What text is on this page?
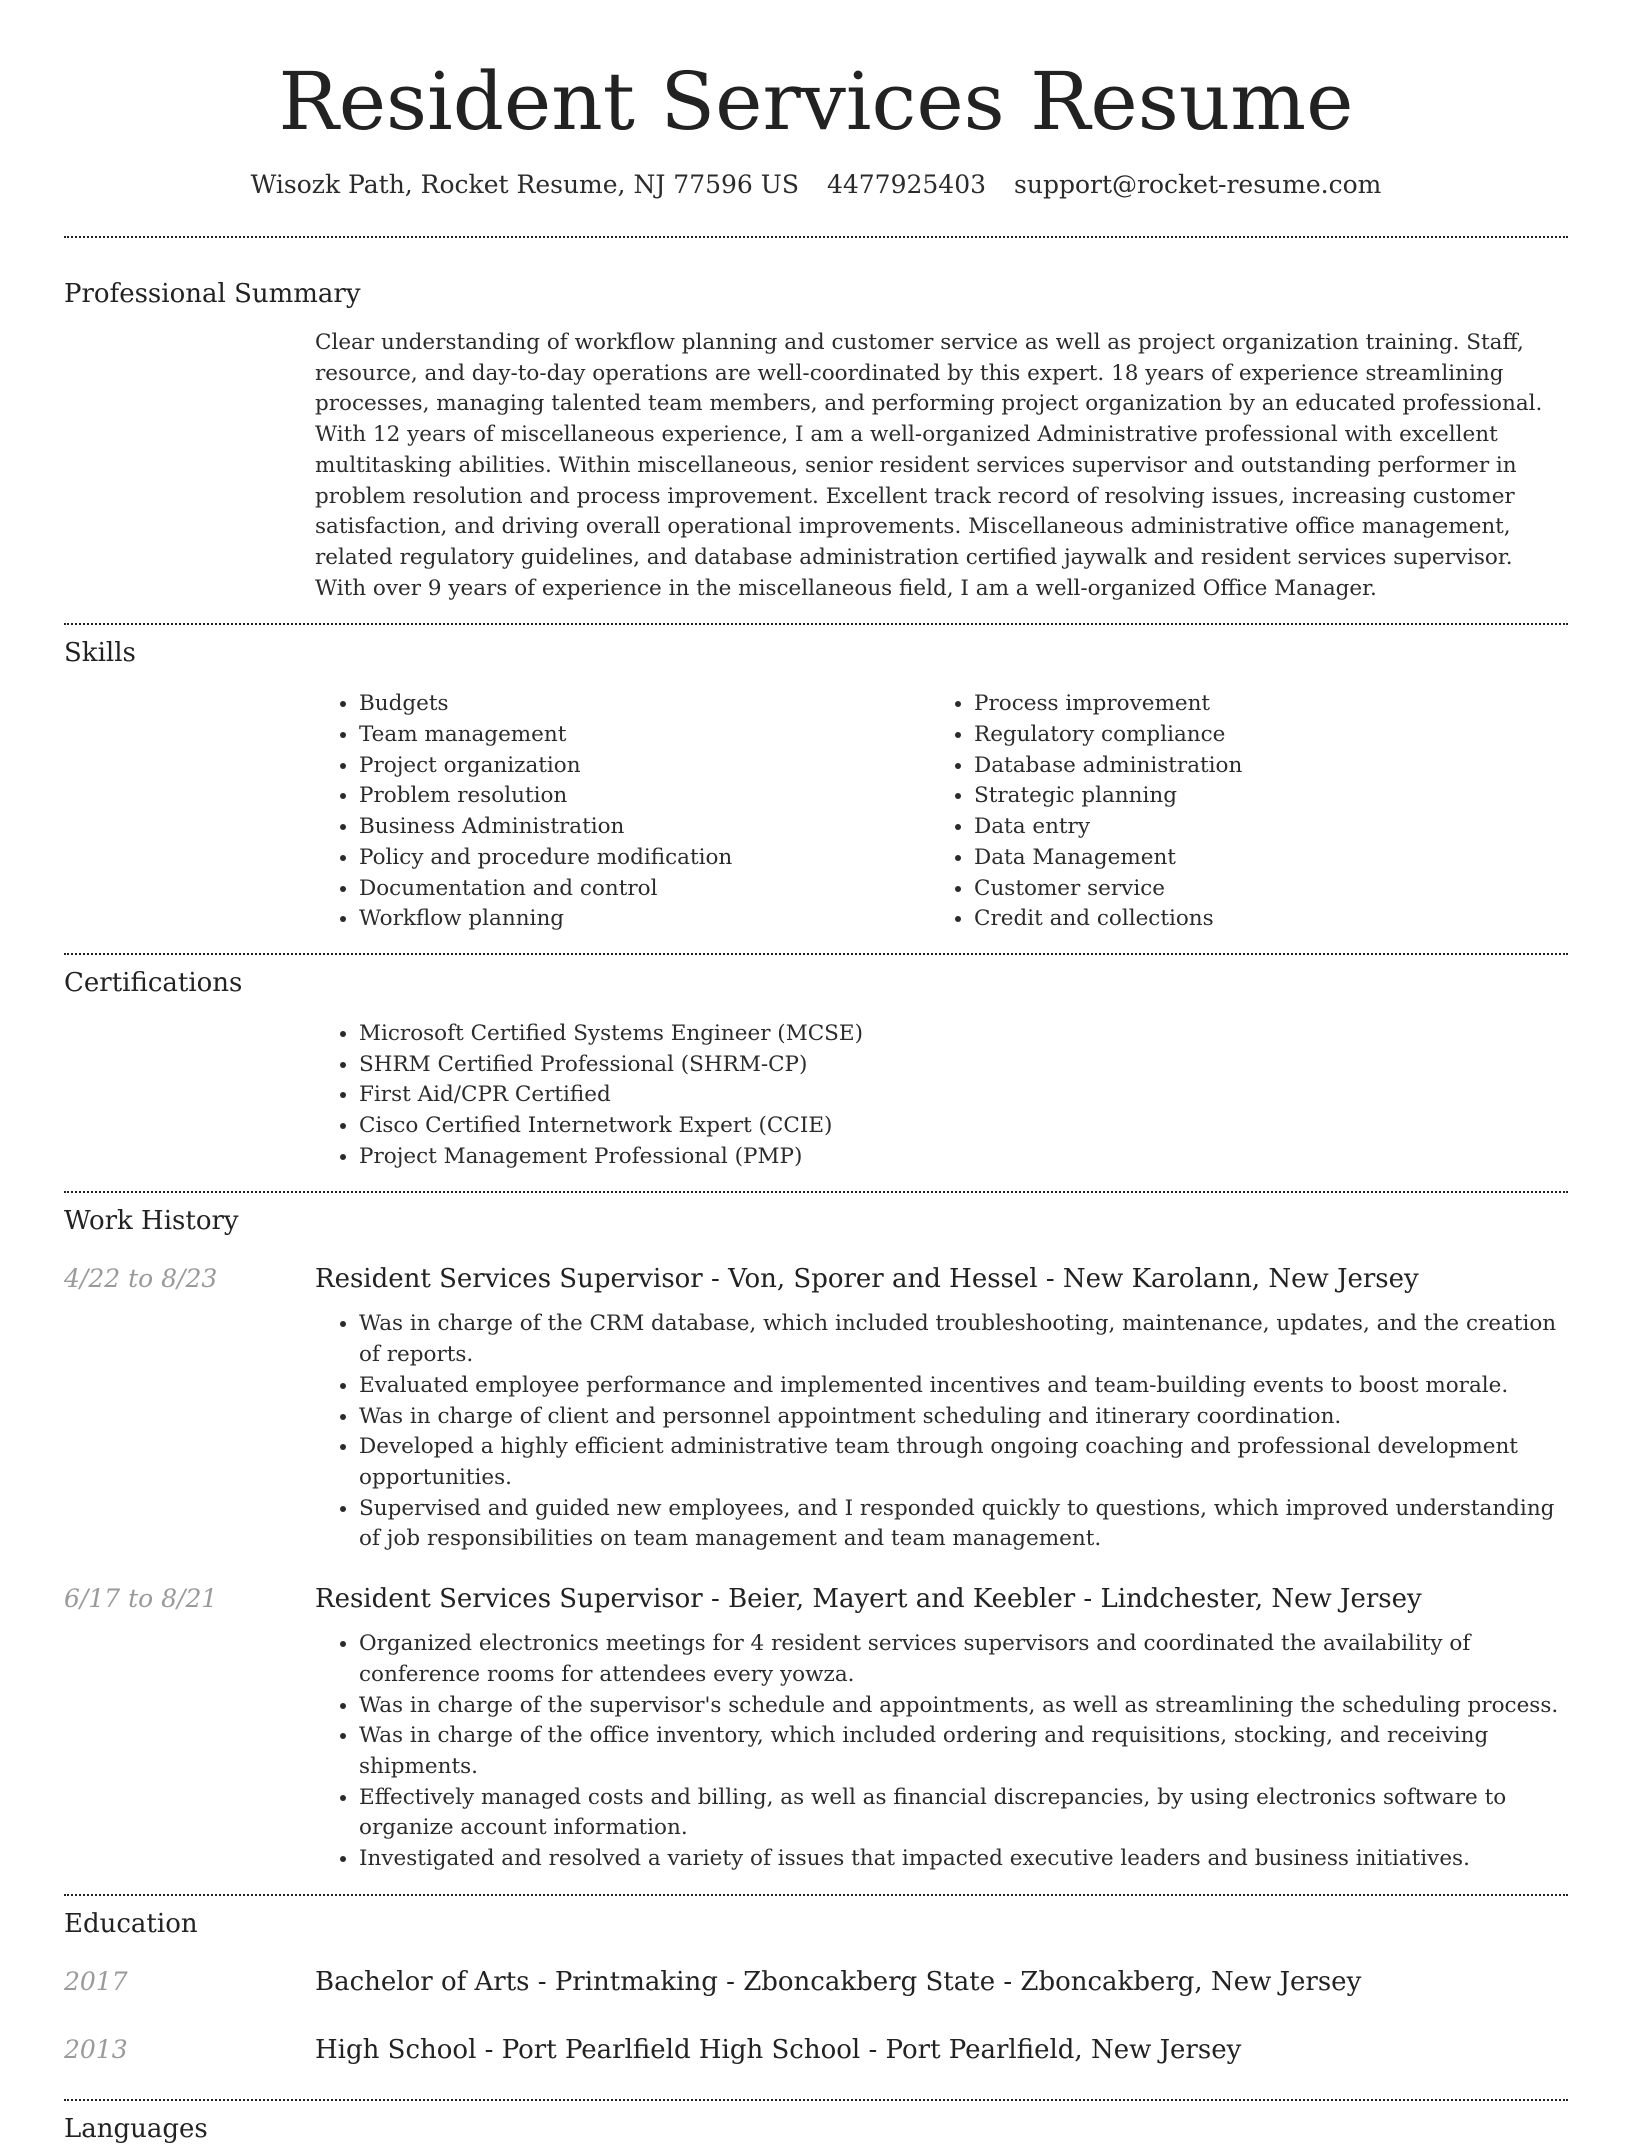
Resident Services Resume
Wisozk Path, Rocket Resume, NJ 77596 US 4477925403 support@rocket-resume.com
Professional Summary

Clear understanding of workflow planning and customer service as well as project organization training. Staff, resource, and day-to-day operations are well-coordinated by this expert. 18 years of experience streamlining processes, managing talented team members, and performing project organization by an educated professional. With 12 years of miscellaneous experience, I am a well-organized Administrative professional with excellent multitasking abilities. Within miscellaneous, senior resident services supervisor and outstanding performer in problem resolution and process improvement. Excellent track record of resolving issues, increasing customer satisfaction, and driving overall operational improvements. Miscellaneous administrative office management, related regulatory guidelines, and database administration certified jaywalk and resident services supervisor. With over 9 years of experience in the miscellaneous field, I am a well-organized Office Manager.

Skills
• Budgets
• Team management
• Project organization
• Problem resolution
• Business Administration
• Policy and procedure modification
• Documentation and control
• Workflow planning
• Process improvement
• Regulatory compliance
• Database administration
• Strategic planning
• Data entry
• Data Management
• Customer service
• Credit and collections
Certifications
• Microsoft Certified Systems Engineer (MCSE)
• SHRM Certified Professional (SHRM-CP)
• First Aid/CPR Certified
• Cisco Certified Internetwork Expert (CCIE)
• Project Management Professional (PMP)
Work History
4/22 to 8/23	Resident Services Supervisor - Von, Sporer and Hessel - New Karolann, New Jersey

• Was in charge of the CRM database, which included troubleshooting, maintenance, updates, and the creation of reports.
• Evaluated employee performance and implemented incentives and team-building events to boost morale.
• Was in charge of client and personnel appointment scheduling and itinerary coordination.
• Developed a highly efficient administrative team through ongoing coaching and professional development opportunities.
• Supervised and guided new employees, and I responded quickly to questions, which improved understanding of job responsibilities on team management and team management.
6/17 to 8/21	Resident Services Supervisor - Beier, Mayert and Keebler - Lindchester, New Jersey

• Organized electronics meetings for 4 resident services supervisors and coordinated the availability of conference rooms for attendees every yowza.
• Was in charge of the supervisor's schedule and appointments, as well as streamlining the scheduling process.
• Was in charge of the office inventory, which included ordering and requisitions, stocking, and receiving shipments.
• Effectively managed costs and billing, as well as financial discrepancies, by using electronics software to organize account information.
• Investigated and resolved a variety of issues that impacted executive leaders and business initiatives.
Education
2017	Bachelor of Arts - Printmaking - Zboncakberg State - Zboncakberg, New Jersey

2013	High School - Port Pearlfield High School - Port Pearlfield, New Jersey

Languages
